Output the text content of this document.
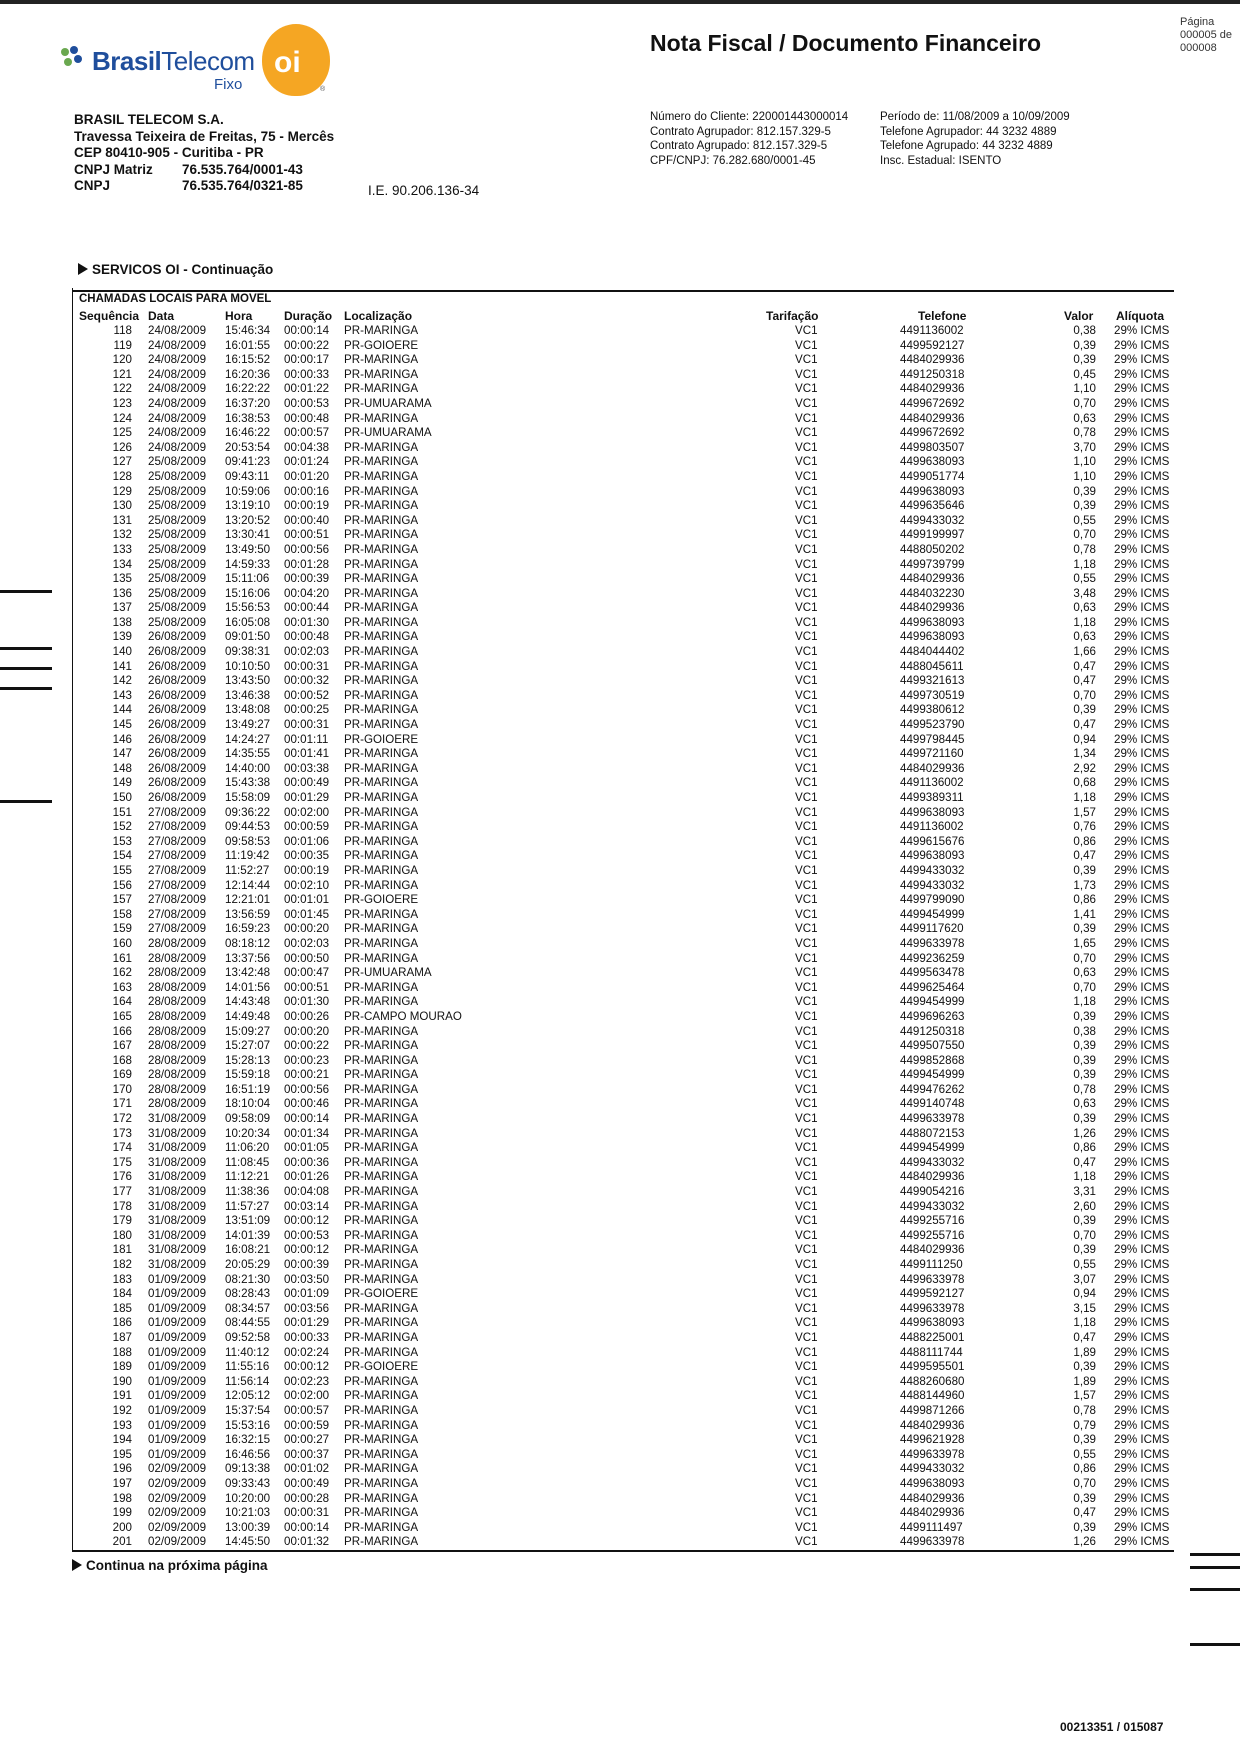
BrasilTelecom
Fixo
oi
®
BRASIL TELECOM S.A.
Travessa Teixeira de Freitas, 75 - Mercês
CEP 80410-905 - Curitiba - PR
CNPJ Matriz 76.535.764/0001-43
CNPJ	76.535.764/0321-85	I.E. 90.206.136-34
Nota Fiscal / Documento Financeiro
Página
000005 de
000008
Número do Cliente: 220001443000014
Contrato Agrupador: 812.157.329-5
Contrato Agrupado: 812.157.329-5
CPF/CNPJ: 76.282.680/0001-45
Período de: 11/08/2009 a 10/09/2009
Telefone Agrupador: 44 3232 4889
Telefone Agrupado: 44 3232 4889
Insc. Estadual: ISENTO
SERVICOS OI - Continuação
CHAMADAS LOCAIS PARA MOVEL
Sequência Data	Hora	Duração Localização	Tarifação	Telefone	Valor Alíquota
118 24/08/2009 15:46:34 00:00:14 PR-MARINGA	VC1	4491136002	0,38 29% ICMS
119 24/08/2009 16:01:55 00:00:22 PR-GOIOERE	VC1	4499592127	0,39 29% ICMS
120 24/08/2009 16:15:52 00:00:17 PR-MARINGA	VC1	4484029936	0,39 29% ICMS
121 24/08/2009 16:20:36 00:00:33 PR-MARINGA	VC1	4491250318	0,45 29% ICMS
122 24/08/2009 16:22:22 00:01:22 PR-MARINGA	VC1	4484029936	1,10 29% ICMS
123 24/08/2009 16:37:20 00:00:53 PR-UMUARAMA	VC1	4499672692	0,70 29% ICMS
124 24/08/2009 16:38:53 00:00:48 PR-MARINGA	VC1	4484029936	0,63 29% ICMS
125 24/08/2009 16:46:22 00:00:57 PR-UMUARAMA	VC1	4499672692	0,78 29% ICMS
126 24/08/2009 20:53:54 00:04:38 PR-MARINGA	VC1	4499803507	3,70 29% ICMS
127 25/08/2009 09:41:23 00:01:24 PR-MARINGA	VC1	4499638093	1,10 29% ICMS
128 25/08/2009 09:43:11 00:01:20 PR-MARINGA	VC1	4499051774	1,10 29% ICMS
129 25/08/2009 10:59:06 00:00:16 PR-MARINGA	VC1	4499638093	0,39 29% ICMS
130 25/08/2009 13:19:10 00:00:19 PR-MARINGA	VC1	4499635646	0,39 29% ICMS
131 25/08/2009 13:20:52 00:00:40 PR-MARINGA	VC1	4499433032	0,55 29% ICMS
132 25/08/2009 13:30:41 00:00:51 PR-MARINGA	VC1	4499199997	0,70 29% ICMS
133 25/08/2009 13:49:50 00:00:56 PR-MARINGA	VC1	4488050202	0,78 29% ICMS
134 25/08/2009 14:59:33 00:01:28 PR-MARINGA	VC1	4499739799	1,18 29% ICMS
135 25/08/2009 15:11:06 00:00:39 PR-MARINGA	VC1	4484029936	0,55 29% ICMS
136 25/08/2009 15:16:06 00:04:20 PR-MARINGA	VC1	4484032230	3,48 29% ICMS
137 25/08/2009 15:56:53 00:00:44 PR-MARINGA	VC1	4484029936	0,63 29% ICMS
138 25/08/2009 16:05:08 00:01:30 PR-MARINGA	VC1	4499638093	1,18 29% ICMS
139 26/08/2009 09:01:50 00:00:48 PR-MARINGA	VC1	4499638093	0,63 29% ICMS
140 26/08/2009 09:38:31 00:02:03 PR-MARINGA	VC1	4484044402	1,66 29% ICMS
141 26/08/2009 10:10:50 00:00:31 PR-MARINGA	VC1	4488045611	0,47 29% ICMS
142 26/08/2009 13:43:50 00:00:32 PR-MARINGA	VC1	4499321613	0,47 29% ICMS
143 26/08/2009 13:46:38 00:00:52 PR-MARINGA	VC1	4499730519	0,70 29% ICMS
144 26/08/2009 13:48:08 00:00:25 PR-MARINGA	VC1	4499380612	0,39 29% ICMS
145 26/08/2009 13:49:27 00:00:31 PR-MARINGA	VC1	4499523790	0,47 29% ICMS
146 26/08/2009 14:24:27 00:01:11 PR-GOIOERE	VC1	4499798445	0,94 29% ICMS
147 26/08/2009 14:35:55 00:01:41 PR-MARINGA	VC1	4499721160	1,34 29% ICMS
148 26/08/2009 14:40:00 00:03:38 PR-MARINGA	VC1	4484029936	2,92 29% ICMS
149 26/08/2009 15:43:38 00:00:49 PR-MARINGA	VC1	4491136002	0,68 29% ICMS
150 26/08/2009 15:58:09 00:01:29 PR-MARINGA	VC1	4499389311	1,18 29% ICMS
151 27/08/2009 09:36:22 00:02:00 PR-MARINGA	VC1	4499638093	1,57 29% ICMS
152 27/08/2009 09:44:53 00:00:59 PR-MARINGA	VC1	4491136002	0,76 29% ICMS
153 27/08/2009 09:58:53 00:01:06 PR-MARINGA	VC1	4499615676	0,86 29% ICMS
154 27/08/2009 11:19:42 00:00:35 PR-MARINGA	VC1	4499638093	0,47 29% ICMS
155 27/08/2009 11:52:27 00:00:19 PR-MARINGA	VC1	4499433032	0,39 29% ICMS
156 27/08/2009 12:14:44 00:02:10 PR-MARINGA	VC1	4499433032	1,73 29% ICMS
157 27/08/2009 12:21:01 00:01:01 PR-GOIOERE	VC1	4499799090	0,86 29% ICMS
158 27/08/2009 13:56:59 00:01:45 PR-MARINGA	VC1	4499454999	1,41 29% ICMS
159 27/08/2009 16:59:23 00:00:20 PR-MARINGA	VC1	4499117620	0,39 29% ICMS
160 28/08/2009 08:18:12 00:02:03 PR-MARINGA	VC1	4499633978	1,65 29% ICMS
161 28/08/2009 13:37:56 00:00:50 PR-MARINGA	VC1	4499236259	0,70 29% ICMS
162 28/08/2009 13:42:48 00:00:47 PR-UMUARAMA	VC1	4499563478	0,63 29% ICMS
163 28/08/2009 14:01:56 00:00:51 PR-MARINGA	VC1	4499625464	0,70 29% ICMS
164 28/08/2009 14:43:48 00:01:30 PR-MARINGA	VC1	4499454999	1,18 29% ICMS
165 28/08/2009 14:49:48 00:00:26 PR-CAMPO MOURAO	VC1	4499696263	0,39 29% ICMS
166 28/08/2009 15:09:27 00:00:20 PR-MARINGA	VC1	4491250318	0,38 29% ICMS
167 28/08/2009 15:27:07 00:00:22 PR-MARINGA	VC1	4499507550	0,39 29% ICMS
168 28/08/2009 15:28:13 00:00:23 PR-MARINGA	VC1	4499852868	0,39 29% ICMS
169 28/08/2009 15:59:18 00:00:21 PR-MARINGA	VC1	4499454999	0,39 29% ICMS
170 28/08/2009 16:51:19 00:00:56 PR-MARINGA	VC1	4499476262	0,78 29% ICMS
171 28/08/2009 18:10:04 00:00:46 PR-MARINGA	VC1	4499140748	0,63 29% ICMS
172 31/08/2009 09:58:09 00:00:14 PR-MARINGA	VC1	4499633978	0,39 29% ICMS
173 31/08/2009 10:20:34 00:01:34 PR-MARINGA	VC1	4488072153	1,26 29% ICMS
174 31/08/2009 11:06:20 00:01:05 PR-MARINGA	VC1	4499454999	0,86 29% ICMS
175 31/08/2009 11:08:45 00:00:36 PR-MARINGA	VC1	4499433032	0,47 29% ICMS
176 31/08/2009 11:12:21 00:01:26 PR-MARINGA	VC1	4484029936	1,18 29% ICMS
177 31/08/2009 11:38:36 00:04:08 PR-MARINGA	VC1	4499054216	3,31 29% ICMS
178 31/08/2009 11:57:27 00:03:14 PR-MARINGA	VC1	4499433032	2,60 29% ICMS
179 31/08/2009 13:51:09 00:00:12 PR-MARINGA	VC1	4499255716	0,39 29% ICMS
180 31/08/2009 14:01:39 00:00:53 PR-MARINGA	VC1	4499255716	0,70 29% ICMS
181 31/08/2009 16:08:21 00:00:12 PR-MARINGA	VC1	4484029936	0,39 29% ICMS
182 31/08/2009 20:05:29 00:00:39 PR-MARINGA	VC1	4499111250	0,55 29% ICMS
183 01/09/2009 08:21:30 00:03:50 PR-MARINGA	VC1	4499633978	3,07 29% ICMS
184 01/09/2009 08:28:43 00:01:09 PR-GOIOERE	VC1	4499592127	0,94 29% ICMS
185 01/09/2009 08:34:57 00:03:56 PR-MARINGA	VC1	4499633978	3,15 29% ICMS
186 01/09/2009 08:44:55 00:01:29 PR-MARINGA	VC1	4499638093	1,18 29% ICMS
187 01/09/2009 09:52:58 00:00:33 PR-MARINGA	VC1	4488225001	0,47 29% ICMS
188 01/09/2009 11:40:12 00:02:24 PR-MARINGA	VC1	4488111744	1,89 29% ICMS
189 01/09/2009 11:55:16 00:00:12 PR-GOIOERE	VC1	4499595501	0,39 29% ICMS
190 01/09/2009 11:56:14 00:02:23 PR-MARINGA	VC1	4488260680	1,89 29% ICMS
191 01/09/2009 12:05:12 00:02:00 PR-MARINGA	VC1	4488144960	1,57 29% ICMS
192 01/09/2009 15:37:54 00:00:57 PR-MARINGA	VC1	4499871266	0,78 29% ICMS
193 01/09/2009 15:53:16 00:00:59 PR-MARINGA	VC1	4484029936	0,79 29% ICMS
194 01/09/2009 16:32:15 00:00:27 PR-MARINGA	VC1	4499621928	0,39 29% ICMS
195 01/09/2009 16:46:56 00:00:37 PR-MARINGA	VC1	4499633978	0,55 29% ICMS
196 02/09/2009 09:13:38 00:01:02 PR-MARINGA	VC1	4499433032	0,86 29% ICMS
197 02/09/2009 09:33:43 00:00:49 PR-MARINGA	VC1	4499638093	0,70 29% ICMS
198 02/09/2009 10:20:00 00:00:28 PR-MARINGA	VC1	4484029936	0,39 29% ICMS
199 02/09/2009 10:21:03 00:00:31 PR-MARINGA	VC1	4484029936	0,47 29% ICMS
200 02/09/2009 13:00:39 00:00:14 PR-MARINGA	VC1	4499111497	0,39 29% ICMS
201 02/09/2009 14:45:50 00:01:32 PR-MARINGA	VC1	4499633978	1,26 29% ICMS
Continua na próxima página
00213351 / 015087
